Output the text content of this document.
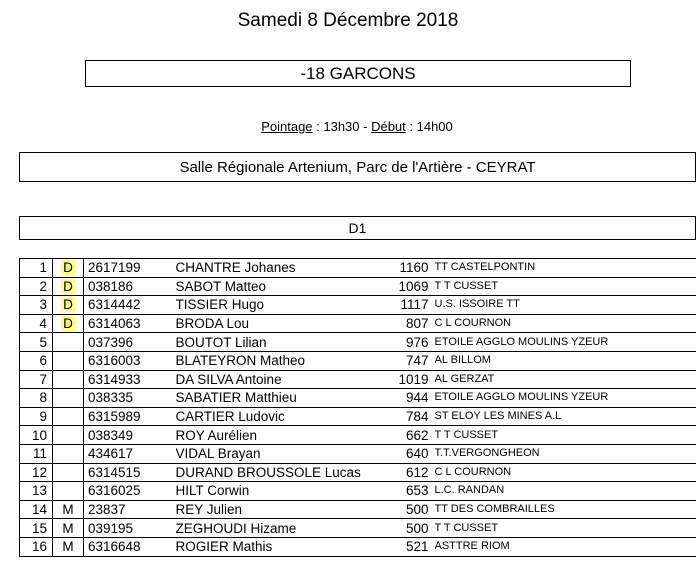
Samedi 8 Décembre 2018
-18 GARCONS
Pointage : 13h30 - Début : 14h00
Salle Régionale Artenium, Parc de l'Artière - CEYRAT
D1
1	D	2617199	CHANTRE Johanes	1160	TT CASTELPONTIN
2	D	038186	SABOT Matteo	1069	T T CUSSET
3	D	6314442	TISSIER Hugo	1117	U.S. ISSOIRE TT
4	D	6314063	BRODA Lou	807	C L COURNON
5		037396	BOUTOT Lilian	976	ETOILE AGGLO MOULINS YZEUR
6		6316003	BLATEYRON Matheo	747	AL BILLOM
7		6314933	DA SILVA Antoine	1019	AL GERZAT
8		038335	SABATIER Matthieu	944	ETOILE AGGLO MOULINS YZEUR
9		6315989	CARTIER Ludovic	784	ST ELOY LES MINES A.L
10		038349	ROY Aurélien	662	T T CUSSET
11		434617	VIDAL Brayan	640	T.T.VERGONGHEON
12		6314515	DURAND BROUSSOLE Lucas	612	C L COURNON
13		6316025	HILT Corwin	653	L.C. RANDAN
14	M	23837	REY Julien	500	TT DES COMBRAILLES
15	M	039195	ZEGHOUDI Hizame	500	T T CUSSET
16	M	6316648	ROGIER Mathis	521	ASTTRE RIOM
